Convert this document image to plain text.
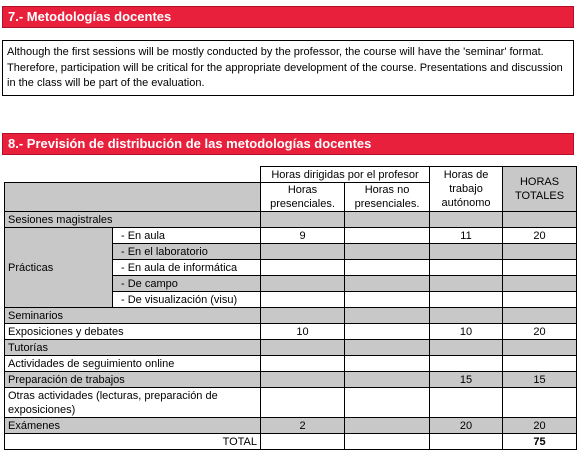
7.- Metodologías docentes
Although the first sessions will be mostly conducted by the professor, the course will have the 'seminar' format. Therefore, participation will be critical for the appropriate development of the course. Presentations and discussion in the class will be part of the evaluation.
8.- Previsión de distribución de las metodologías docentes
		Horas dirigidas por el profesor		Horas de trabajo autónomo	HORAS TOTALES
		Horas presenciales.	Horas no presenciales.		
Sesiones magistrales					
Prácticas	- En aula	9		11	20
	- En el laboratorio				
	- En aula de informática				
	- De campo				
	- De visualización (visu)				
Seminarios					
Exposiciones y debates		10		10	20
Tutorías					
Actividades de seguimiento online					
Preparación de trabajos				15	15
Otras actividades (lecturas, preparación de exposiciones)					
Exámenes		2		20	20
TOTAL					75
